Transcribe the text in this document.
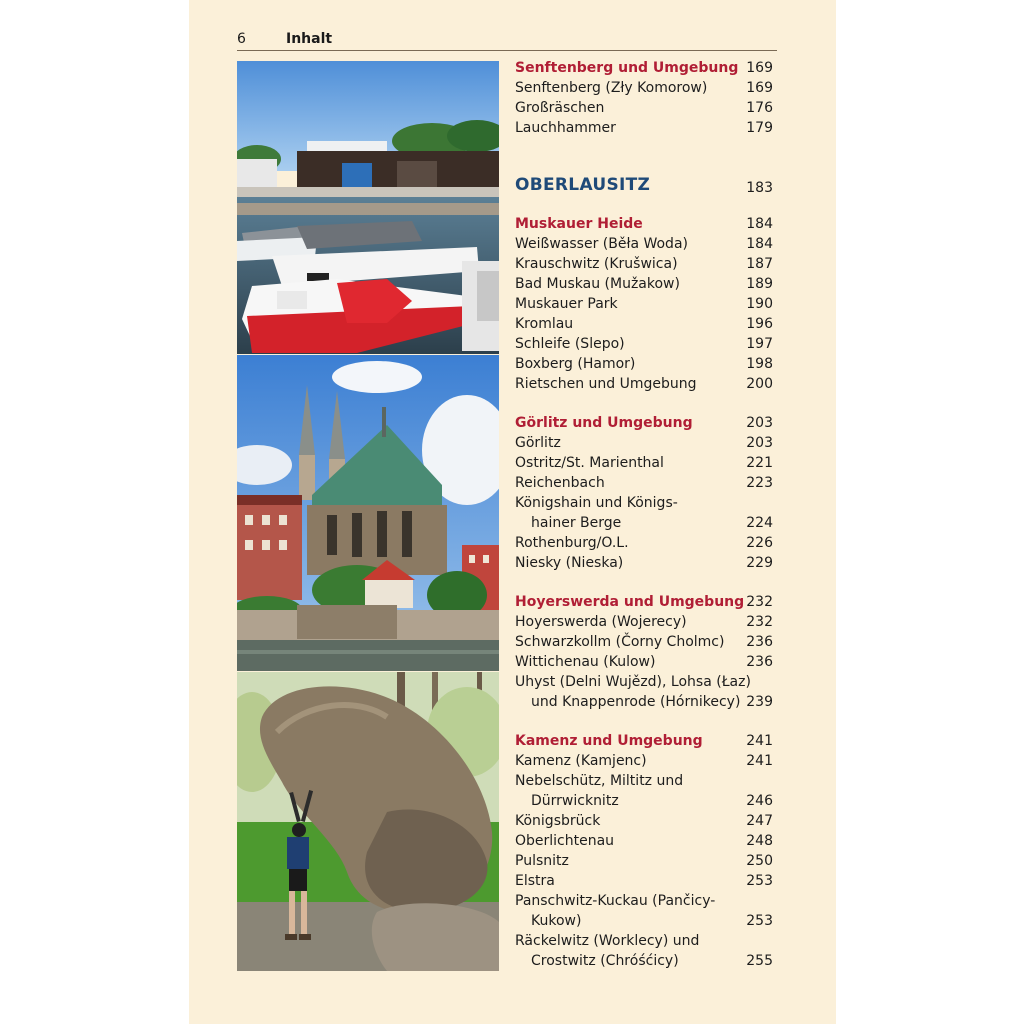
6	Inhalt
Senftenberg und Umgebung 169
Senftenberg (Zły Komorow)	169
Großräschen	176
Lauchhammer	179
OBERLAUSITZ	183
Muskauer Heide	184
Weißwasser (Běła Woda)	184
Krauschwitz (Krušwica)	187
Bad Muskau (Mužakow)	189
Muskauer Park	190
Kromlau	196
Schleife (Slepo)	197
Boxberg (Hamor)	198
Rietschen und Umgebung	200
Görlitz und Umgebung	203
Görlitz	203
Ostritz/St. Marienthal	221
Reichenbach	223
Königshain und Königs-
hainer Berge	224
Rothenburg/O.L.	226
Niesky (Nieska)	229
Hoyerswerda und Umgebung 232
Hoyerswerda (Wojerecy)	232
Schwarzkollm (Čorny Cholmc) 236
Wittichenau (Kulow)	236
Uhyst (Delni Wujězd), Lohsa (Łaz)
und Knappenrode (Hórnikecy) 239
Kamenz und Umgebung	241
Kamenz (Kamjenc)	241
Nebelschütz, Miltitz und
Dürrwicknitz	246
Königsbrück	247
Oberlichtenau	248
Pulsnitz	250
Elstra	253
Panschwitz-Kuckau (Pančicy-
Kukow)	253
Räckelwitz (Worklecy) und
Crostwitz (Chróśćicy)	255
